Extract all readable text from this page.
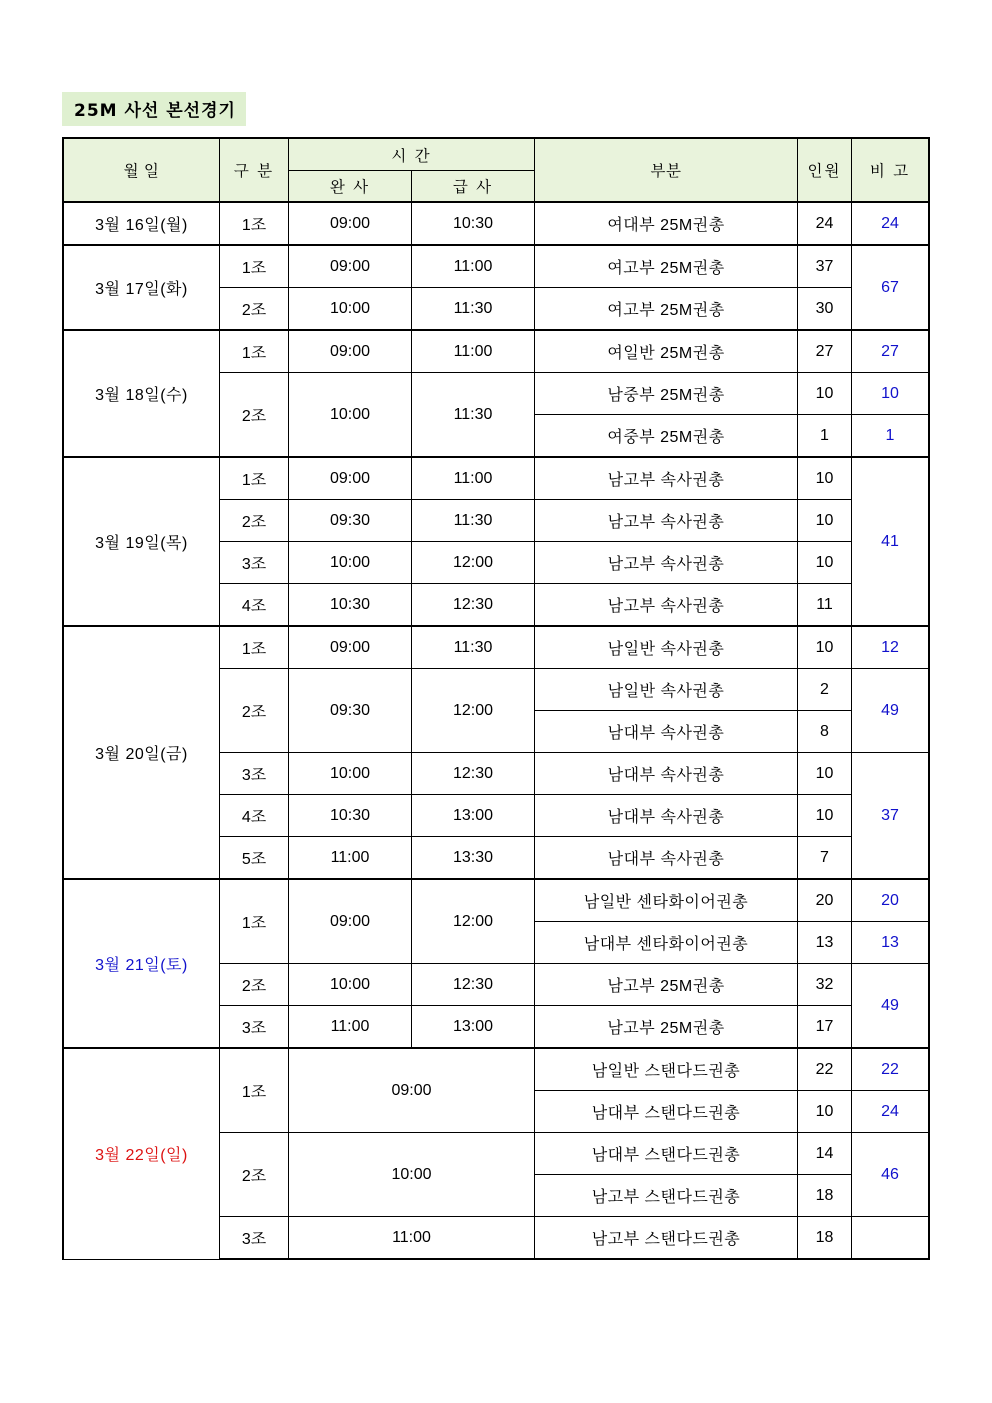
25M 사선 본선경기
월 일	구 분	시 간		부분	인원	비 고
		완 사	급 사			
3월 16일(월)	1조	09:00	10:30	여대부 25M권총	24	24
3월 17일(화)	1조	09:00	11:00	여고부 25M권총	37	67
	2조	10:00	11:30	여고부 25M권총	30	
3월 18일(수)	1조	09:00	11:00	여일반 25M권총	27	27
	2조	10:00	11:30	남중부 25M권총	10	10
				여중부 25M권총	1	1
3월 19일(목)	1조	09:00	11:00	남고부 속사권총	10	41
	2조	09:30	11:30	남고부 속사권총	10	
	3조	10:00	12:00	남고부 속사권총	10	
	4조	10:30	12:30	남고부 속사권총	11	
3월 20일(금)	1조	09:00	11:30	남일반 속사권총	10	12
	2조	09:30	12:00	남일반 속사권총	2	49
				남대부 속사권총	8	
	3조	10:00	12:30	남대부 속사권총	10	37
	4조	10:30	13:00	남대부 속사권총	10	
	5조	11:00	13:30	남대부 속사권총	7	
3월 21일(토)	1조	09:00	12:00	남일반 센타화이어권총	20	20
				남대부 센타화이어권총	13	13
	2조	10:00	12:30	남고부 25M권총	32	49
	3조	11:00	13:00	남고부 25M권총	17	
3월 22일(일)	1조	09:00		남일반 스탠다드권총	22	22
				남대부 스탠다드권총	10	24
	2조	10:00		남대부 스탠다드권총	14	46
				남고부 스탠다드권총	18	
	3조	11:00		남고부 스탠다드권총	18	
